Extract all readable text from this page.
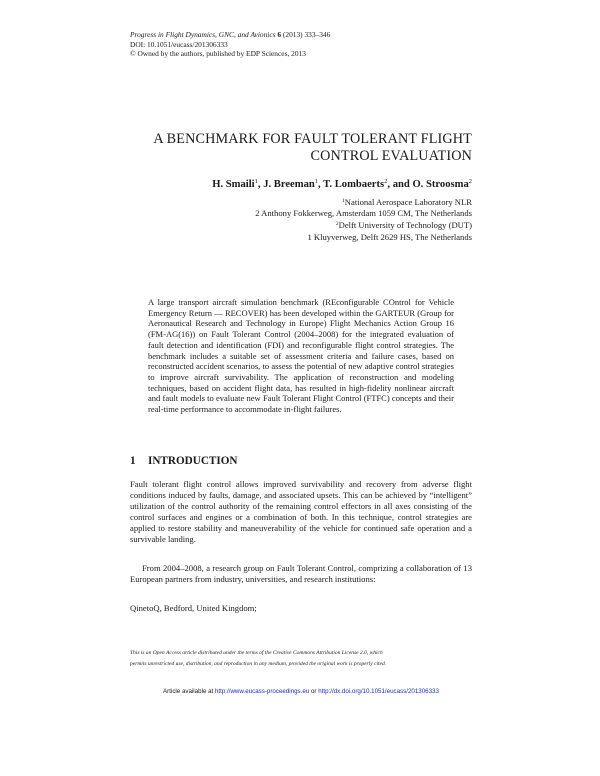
Progress in Flight Dynamics, GNC, and Avionics 6 (2013) 333–346
DOI: 10.1051/eucass/201306333
© Owned by the authors, published by EDP Sciences, 2013
A BENCHMARK FOR FAULT TOLERANT FLIGHT
CONTROL EVALUATION
H. Smaili$^1$, J. Breeman$^1$, T. Lombaerts$^2$, and O. Stroosma$^2$
$^1$National Aerospace Laboratory NLR
2 Anthony Fokkerweg, Amsterdam 1059 CM, The Netherlands
$^2$Delft University of Technology (DUT)
1 Kluyverweg, Delft 2629 HS, The Netherlands
A large transport aircraft simulation benchmark (REconfigurable COntrol for Vehicle Emergency Return — RECOVER) has been developed within the GARTEUR (Group for Aeronautical Research and Technology in Europe) Flight Mechanics Action Group 16 (FM-AG(16)) on Fault Tolerant Control (2004–2008) for the integrated evaluation of fault detection and identification (FDI) and reconfigurable flight control strategies. The benchmark includes a suitable set of assessment criteria and failure cases, based on reconstructed accident scenarios, to assess the potential of new adaptive control strategies to improve aircraft survivability. The application of reconstruction and modeling techniques, based on accident flight data, has resulted in high-fidelity nonlinear aircraft and fault models to evaluate new Fault Tolerant Flight Control (FTFC) concepts and their real-time performance to accommodate in-flight failures.
1 INTRODUCTION
Fault tolerant flight control allows improved survivability and recovery from adverse flight conditions induced by faults, damage, and associated upsets. This can be achieved by “intelligent” utilization of the control authority of the remaining control effectors in all axes consisting of the control surfaces and engines or a combination of both. In this technique, control strategies are applied to restore stability and maneuverability of the vehicle for continued safe operation and a survivable landing.
From 2004–2008, a research group on Fault Tolerant Control, comprizing a collaboration of 13 European partners from industry, universities, and research institutions:
QinetoQ, Bedford, United Kingdom;
This is an Open Access article distributed under the terms of the Creative Commons Attribution License 2.0, which
permits unrestricted use, distribution, and reproduction in any medium, provided the original work is properly cited.
Article available at http://www.eucass-proceedings.eu or http://dx.doi.org/10.1051/eucass/201306333
